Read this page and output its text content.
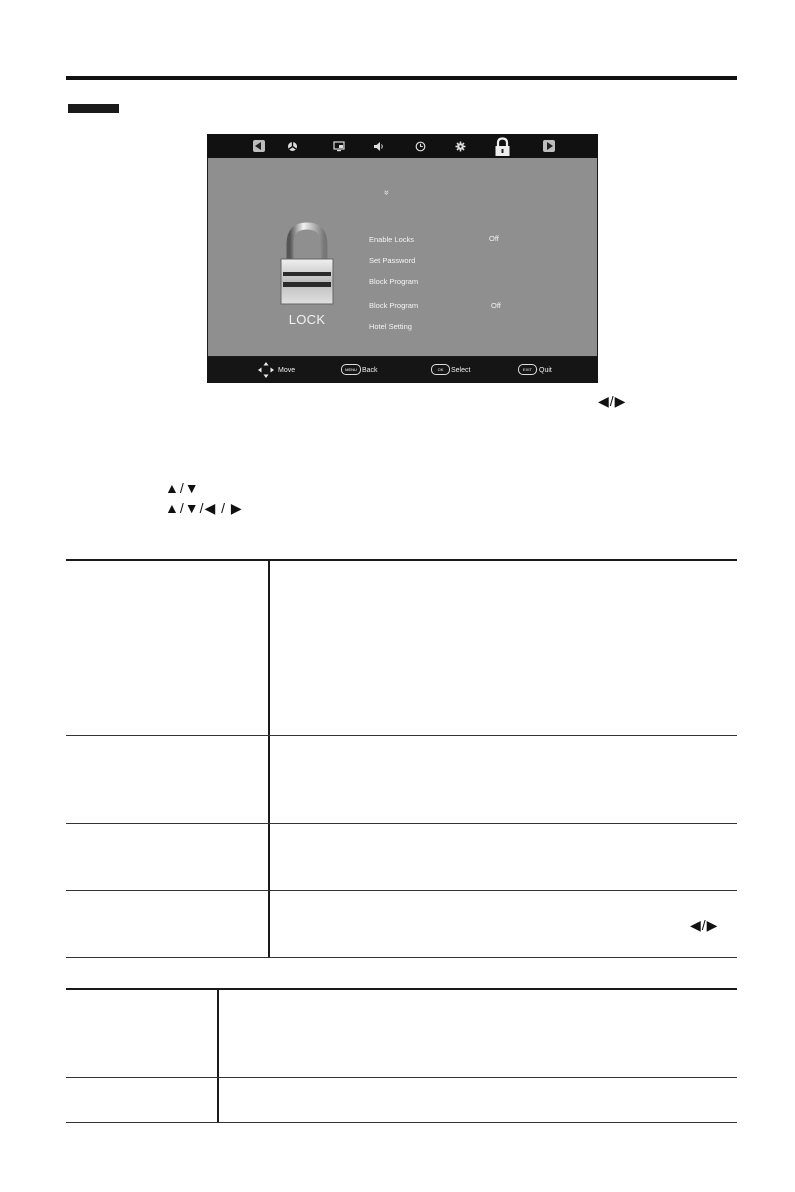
»
LOCK
Enable Locks	Off
Set Password
Block Program
Block Program	Off
Hotel Setting
Move	MENU Back	OK	Select	EXIT	Quit
◀/▶
▲/▼
▲/▼/◀ / ▶
◀/▶
